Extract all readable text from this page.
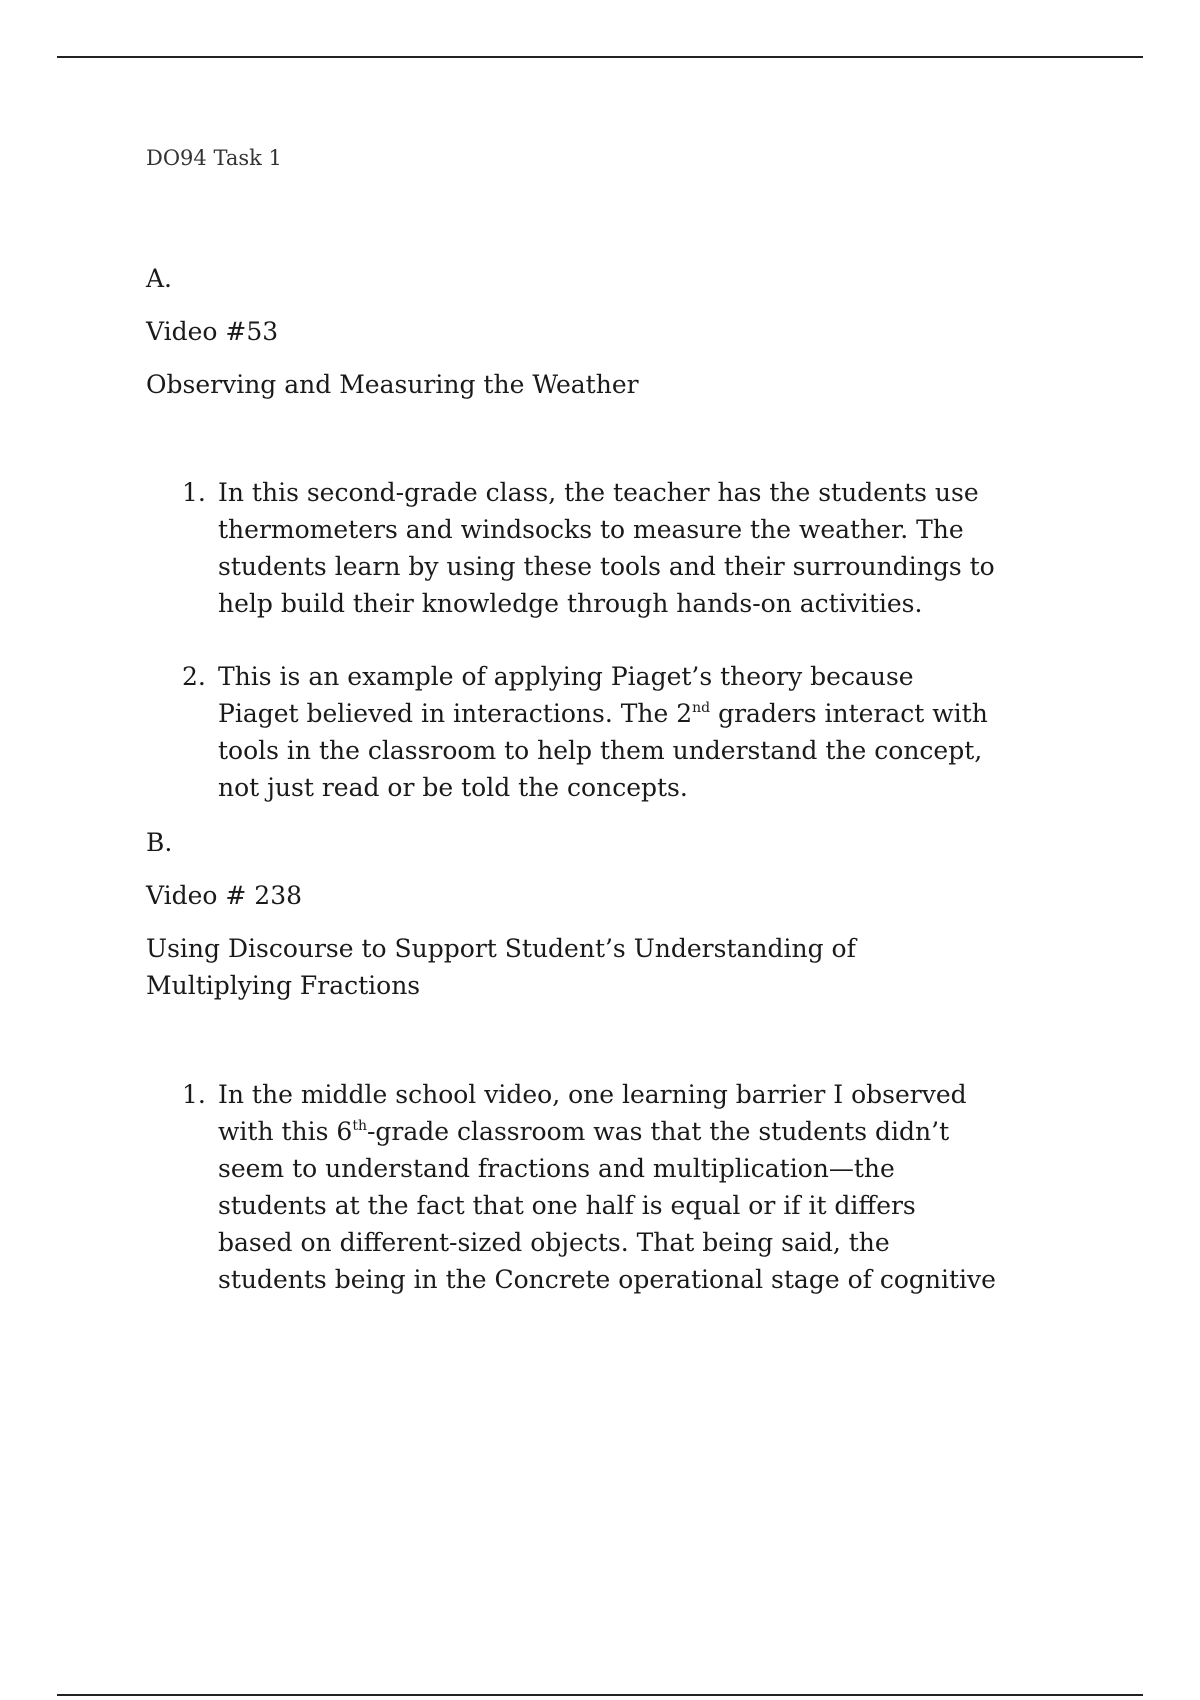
DO94 Task 1
A.
Video #53
Observing and Measuring the Weather
1. In this second-grade class, the teacher has the students use
thermometers and windsocks to measure the weather. The
students learn by using these tools and their surroundings to
help build their knowledge through hands-on activities.
2. This is an example of applying Piaget’s theory because
Piaget believed in interactions. The 2nd graders interact with
tools in the classroom to help them understand the concept,
not just read or be told the concepts.
B.
Video # 238
Using Discourse to Support Student’s Understanding of
Multiplying Fractions
1. In the middle school video, one learning barrier I observed
with this 6th-grade classroom was that the students didn’t
seem to understand fractions and multiplication—the
students at the fact that one half is equal or if it differs
based on different-sized objects. That being said, the
students being in the Concrete operational stage of cognitive
